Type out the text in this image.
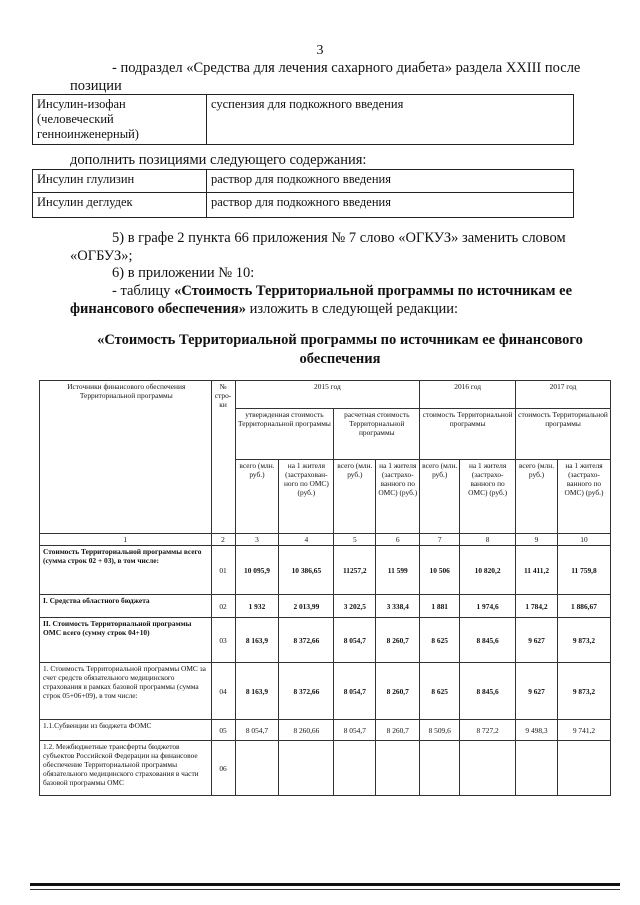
3
- подраздел «Средства для лечения сахарного диабета» раздела XXIII после
позиции
Инсулин-изофан (человеческий генноинженерный)	суспензия для подкожного введения
дополнить позициями следующего содержания:
Инсулин глулизин	раствор для подкожного введения
Инсулин деглудек	раствор для подкожного введения
5) в графе 2 пункта 66 приложения № 7 слово «ОГКУЗ» заменить словом
«ОГБУЗ»;
6) в приложении № 10:
- таблицу «Стоимость Территориальной программы по источникам ее
финансового обеспечения» изложить в следующей редакции:
«Стоимость Территориальной программы по источникам ее финансового
обеспечения
Источники финансового обеспечения Территориальной программы	№ стро-ки	2015 год				2016 год		2017 год	
		утвержденная стоимость Территориальной программы		расчетная стоимость Территориальной программы		стоимость Территориальной программы		стоимость Территориальной программы	
		всего (млн. руб.)	на 1 жителя (застрахован-ного по ОМС) (руб.)	всего (млн. руб.)	на 1 жителя (застрахо-ванного по ОМС) (руб.)	всего (млн. руб.)	на 1 жителя (застрахо-ванного по ОМС) (руб.)	всего (млн. руб.)	на 1 жителя (застрахо-ванного по ОМС) (руб.)
1	2	3	4	5	6	7	8	9	10
Стоимость Территориальной программы всего (сумма строк 02 + 03), в том числе:	01	10 095,9	10 386,65	11257,2	11 599	10 506	10 820,2	11 411,2	11 759,8
I. Средства областного бюджета	02	1 932	2 013,99	3 202,5	3 338,4	1 881	1 974,6	1 784,2	1 886,67
II. Стоимость Территориальной программы ОМС всего (сумму строк 04+10)	03	8 163,9	8 372,66	8 054,7	8 260,7	8 625	8 845,6	9 627	9 873,2
1. Стоимость Территориальной программы ОМС за счет средств обязательного медицинского страхования в рамках базовой программы (сумма строк 05+06+09), в том числе:	04	8 163,9	8 372,66	8 054,7	8 260,7	8 625	8 845,6	9 627	9 873,2
1.1.Субвенции из бюджета ФОМС	05	8 054,7	8 260,66	8 054,7	8 260,7	8 509,6	8 727,2	9 498,3	9 741,2
1.2. Межбюджетные трансферты бюджетов субъектов Российской Федерации на финансовое обеспечение Территориальной программы обязательного медицинского страхования в части базовой программы ОМС	06								
